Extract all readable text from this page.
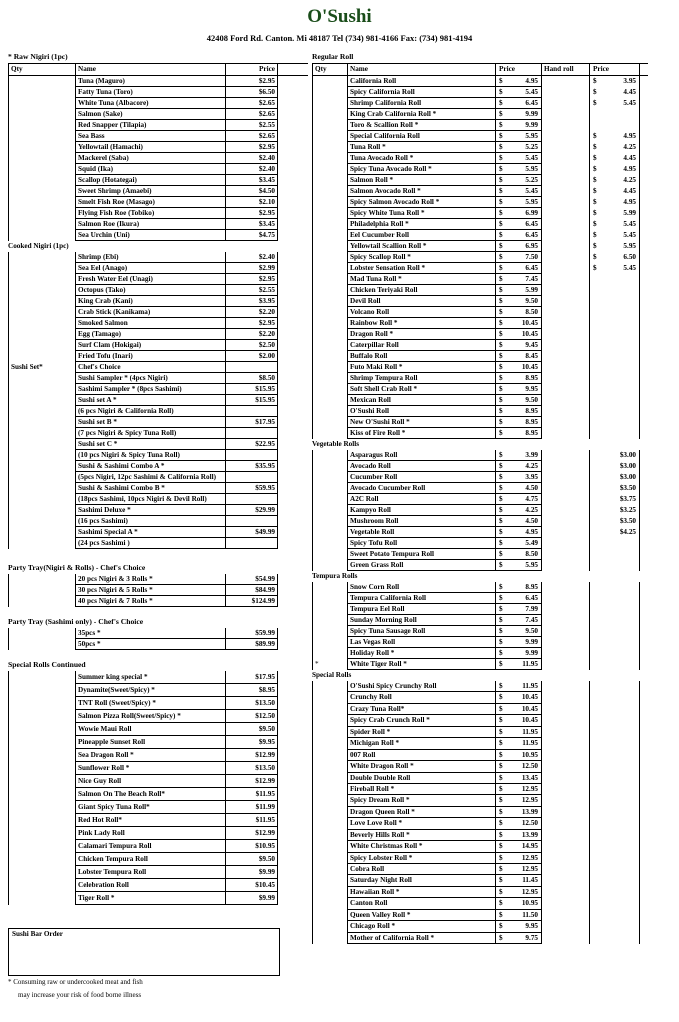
O'Sushi
42408 Ford Rd. Canton. Mi 48187 Tel (734) 981-4166 Fax: (734) 981-4194
* Raw Nigiri (1pc)
Qty	Name	Price
Tuna (Maguro)	$2.95
Fatty Tuna (Toro)	$6.50
White Tuna (Albacore)	$2.65
Salmon (Sake)	$2.65
Red Snapper (Tilapia)	$2.55
Sea Bass	$2.65
Yellowtail (Hamachi)	$2.95
Mackerel (Saba)	$2.40
Squid (Ika)	$2.40
Scallop (Hotategai)	$3.45
Sweet Shrimp (Amaebi)	$4.50
Smelt Fish Roe (Masago)	$2.10
Flying Fish Roe (Tobiko)	$2.95
Salmon Roe (Ikura)	$3.45
Sea Urchin (Uni)	$4.75
Cooked Nigiri (1pc)
Shrimp (Ebi)	$2.40
Sea Eel (Anago)	$2.99
Fresh Water Eel (Unagi)	$2.95
Octopus (Tako)	$2.55
King Crab (Kani)	$3.95
Crab Stick (Kanikama)	$2.20
Smoked Salmon	$2.95
Egg (Tamago)	$2.20
Surf Clam (Hokigai)	$2.50
Fried Tofu (Inari)	$2.00
Sushi Set*	Chef's Choice
Sushi Sampler * (4pcs Nigiri)	$8.50
Sashimi Sampler * (8pcs Sashimi)	$15.95
Sushi set A *	$15.95
(6 pcs Nigiri & California Roll)
Sushi set B *	$17.95
(7 pcs Nigiri & Spicy Tuna Roll)
Sushi set C *	$22.95
(10 pcs Nigiri & Spicy Tuna Roll)
Sushi & Sashimi Combo A *	$35.95
(5pcs Nigiri, 12pc Sashimi & California Roll)
Sushi & Sashimi Combo B *	$59.95
(18pcs Sashimi, 10pcs Nigiri & Devil Roll)
Sashimi Deluxe *	$29.99
(16 pcs Sashimi)
Sashimi Special A *	$49.99
(24 pcs Sashimi )
Party Tray(Nigiri & Rolls) - Chef's Choice
20 pcs Nigiri & 3 Rolls *	$54.99
30 pcs Nigiri & 5 Rolls *	$84.99
40 pcs Nigiri & 7 Rolls *	$124.99
Party Tray (Sashimi only) - Chef's Choice
35pcs *	$59.99
50pcs *	$89.99
Special Rolls Continued
Summer king special *	$17.95
Dynamite(Sweet/Spicy) *	$8.95
TNT Roll (Sweet/Spicy) *	$13.50
Salmon Pizza Roll(Sweet/Spicy) *	$12.50
Wowie Maui Roll	$9.50
Pineapple Sunset Roll	$9.95
Sea Dragon Roll *	$12.99
Sunflower Roll *	$13.50
Nice Guy Roll	$12.99
Salmon On The Beach Roll*	$11.95
Giant Spicy Tuna Roll*	$11.99
Red Hot Roll*	$11.95
Pink Lady Roll	$12.99
Calamari Tempura Roll	$10.95
Chicken Tempura Roll	$9.50
Lobster Tempura Roll	$9.99
Celebration Roll	$10.45
Tiger Roll *	$9.99
Regular Roll
Qty	Name	Price	Hand roll	Price
California Roll	$	4.95	$	3.95
Spicy California Roll	$	5.45	$	4.45
Shrimp California Roll	$	6.45	$	5.45
King Crab California Roll *	$	9.99
Toro & Scallion Roll *	$	9.99
Special California Roll	$	5.95	$	4.95
Tuna Roll *	$	5.25	$	4.25
Tuna Avocado Roll *	$	5.45	$	4.45
Spicy Tuna Avocado Roll *	$	5.95	$	4.95
Salmon Roll *	$	5.25	$	4.25
Salmon Avocado Roll *	$	5.45	$	4.45
Spicy Salmon Avocado Roll *	$	5.95	$	4.95
Spicy White Tuna Roll *	$	6.99	$	5.99
Philadelphia Roll *	$	6.45	$	5.45
Eel Cucumber Roll	$	6.45	$	5.45
Yellowtail Scallion Roll *	$	6.95	$	5.95
Spicy Scallop Roll *	$	7.50	$	6.50
Lobster Sensation Roll *	$	6.45	$	5.45
Mad Tuna Roll *	$	7.45
Chicken Teriyaki Roll	$	5.99
Devil Roll	$	9.50
Volcano Roll	$	8.50
Rainbow Roll *	$	10.45
Dragon Roll *	$	10.45
Caterpillar Roll	$	9.45
Buffalo Roll	$	8.45
Futo Maki Roll *	$	10.45
Shrimp Tempura Roll	$	8.95
Soft Shell Crab Roll *	$	9.95
Mexican Roll	$	9.50
O'Sushi Roll	$	8.95
New O'Sushi Roll *	$	8.95
Kiss of Fire Roll *	$	8.95
Vegetable Rolls
Asparagus Roll	$	3.99	$3.00
Avocado Roll	$	4.25	$3.00
Cucumber Roll	$	3.95	$3.00
Avocado Cucumber Roll	$	4.50	$3.50
A2C Roll	$	4.75	$3.75
Kampyo Roll	$	4.25	$3.25
Mushroom Roll	$	4.50	$3.50
Vegetable Roll	$	4.95	$4.25
Spicy Tofu Roll	$	5.49
Sweet Potato Tempura Roll	$	8.50
Green Grass Roll	$	5.95
Tempura Rolls
Snow Corn Roll	$	8.95
Tempura California Roll	$	6.45
Tempura Eel Roll	$	7.99
Sunday Morning Roll	$	7.45
Spicy Tuna Sausage Roll	$	9.50
Las Vegas Roll	$	9.99
Holiday Roll *	$	9.99
*	White Tiger Roll *	$	11.95
Special Rolls
O'Sushi Spicy Crunchy Roll	$	11.95
Crunchy Roll	$	10.45
Crazy Tuna Roll*	$	10.45
Spicy Crab Crunch Roll *	$	10.45
Spider Roll *	$	11.95
Michigan Roll *	$	11.95
007 Roll	$	10.95
White Dragon Roll *	$	12.50
Double Double Roll	$	13.45
Fireball Roll *	$	12.95
Spicy Dream Roll *	$	12.95
Dragon Queen Roll *	$	13.99
Love Love Roll *	$	12.50
Beverly Hills Roll *	$	13.99
White Christmas Roll *	$	14.95
Spicy Lobster Roll *	$	12.95
Cobra Roll	$	12.95
Saturday Night Roll	$	11.45
Hawaiian Roll *	$	12.95
Canton Roll	$	10.95
Queen Valley Roll *	$	11.50
Chicago Roll *	$	9.95
Mother of California Roll *	$	9.75
Sushi Bar Order
* Consuming raw or undercooked meat and fish
may increase your risk of food borne illness
